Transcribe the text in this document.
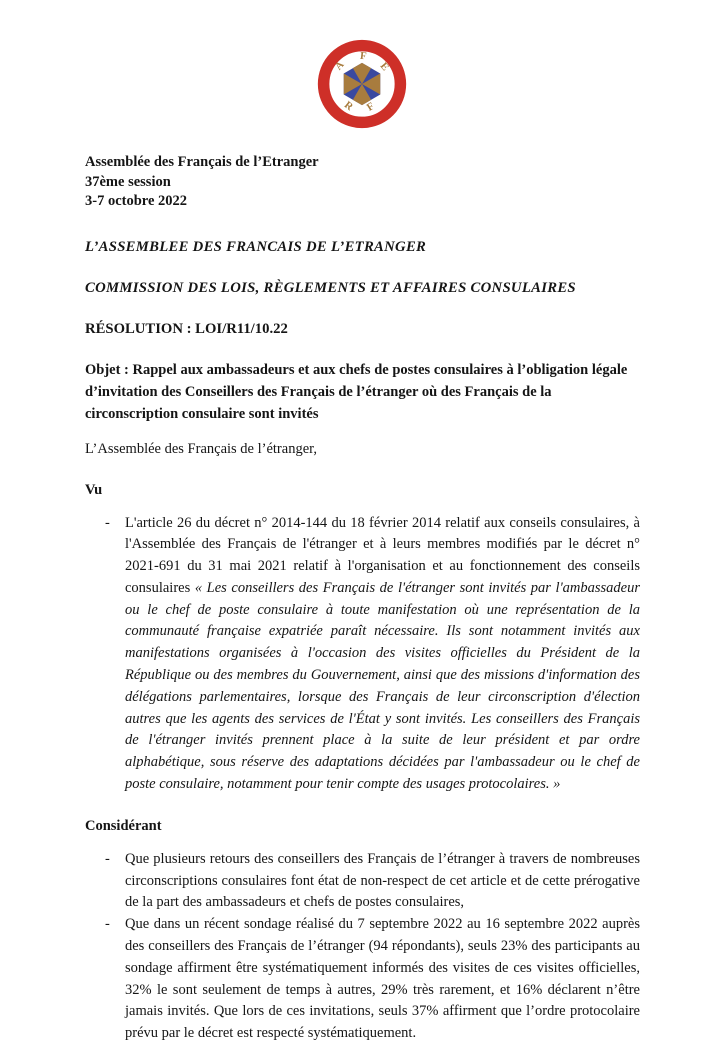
A
F
E
R F

Assemblée des Français de l’Etranger

37ème session

3-7 octobre 2022

L’ASSEMBLEE DES FRANCAIS DE L’ETRANGER

COMMISSION DES LOIS, RÈGLEMENTS ET AFFAIRES CONSULAIRES

RÉSOLUTION : LOI/R11/10.22

Objet : Rappel aux ambassadeurs et aux chefs de postes consulaires à l’obligation légale d’invitation des Conseillers des Français de l’étranger où des Français de la circonscription consulaire sont invités

L’Assemblée des Français de l’étranger,

Vu

-	L'article 26 du décret n° 2014-144 du 18 février 2014 relatif aux conseils consulaires, à l'Assemblée des Français de l'étranger et à leurs membres modifiés par le décret n° 2021-691 du 31 mai 2021 relatif à l'organisation et au fonctionnement des conseils consulaires « Les conseillers des Français de l'étranger sont invités par l'ambassadeur ou le chef de poste consulaire à toute manifestation où une représentation de la communauté française expatriée paraît nécessaire. Ils sont notamment invités aux manifestations organisées à l'occasion des visites officielles du Président de la République ou des membres du Gouvernement, ainsi que des missions d'information des délégations parlementaires, lorsque des Français de leur circonscription d'élection autres que les agents des services de l'État y sont invités. Les conseillers des Français de l'étranger invités prennent place à la suite de leur président et par ordre alphabétique, sous réserve des adaptations décidées par l'ambassadeur ou le chef de poste consulaire, notamment pour tenir compte des usages protocolaires. »

Considérant

-	Que plusieurs retours des conseillers des Français de l’étranger à travers de nombreuses circonscriptions consulaires font état de non-respect de cet article et de cette prérogative de la part des ambassadeurs et chefs de postes consulaires,
-	Que dans un récent sondage réalisé du 7 septembre 2022 au 16 septembre 2022 auprès des conseillers des Français de l’étranger (94 répondants), seuls 23% des participants au sondage affirment être systématiquement informés des visites de ces visites officielles, 32% le sont seulement de temps à autres, 29% très rarement, et 16% déclarent n’être jamais invités. Que lors de ces invitations, seuls 37% affirment que l’ordre protocolaire prévu par le décret est respecté systématiquement.
